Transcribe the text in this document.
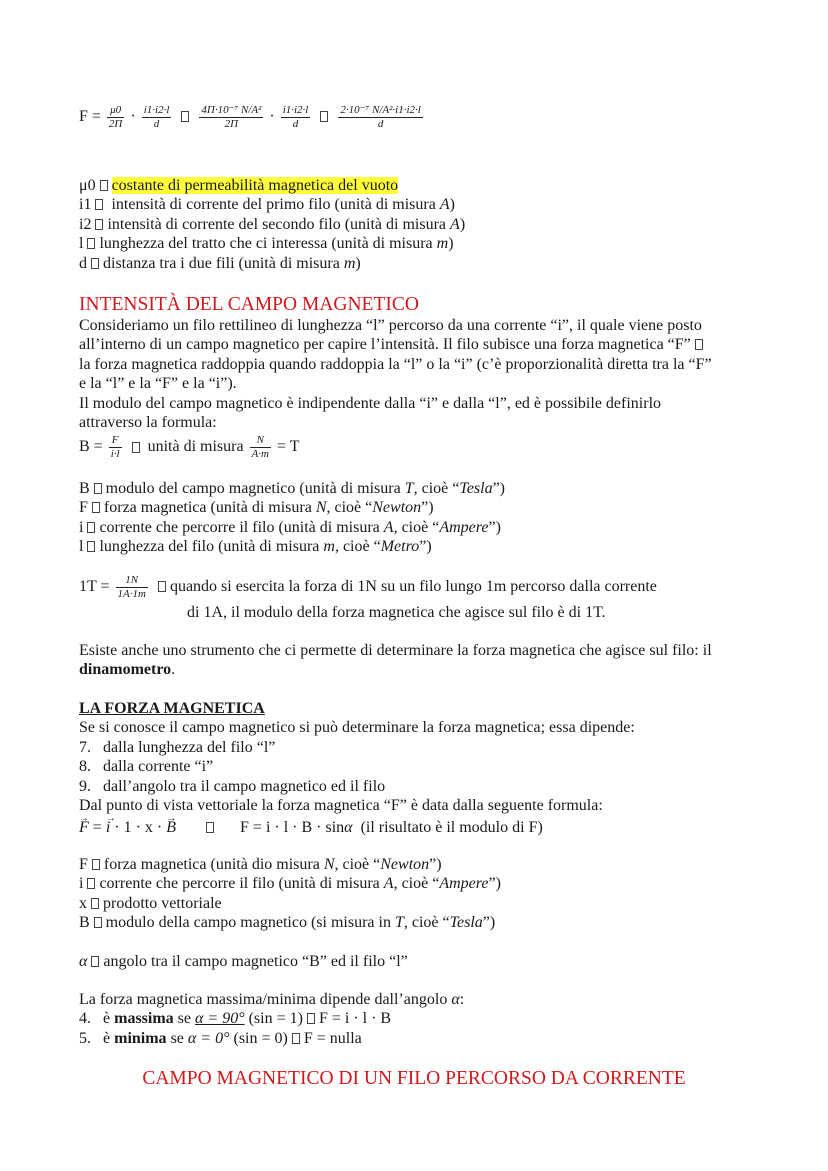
$F = \frac{\mu 0}{2\Pi} \cdot \frac{i1\cdot i2\cdot l}{d}$
	$\frac{\text{4Π·10⁻⁷ N/A²}}{2\Pi} \cdot \frac{i1\cdot i2\cdot l}{d}$
	$\frac{\text{2·10⁻⁷ N/A²·i1·i2·l}}{d}$
μ0 costante di permeabilità magnetica del vuoto
i1 intensità di corrente del primo filo (unità di misura A)
i2 intensità di corrente del secondo filo (unità di misura A)
l lunghezza del tratto che ci interessa (unità di misura m)
d distanza tra i due fili (unità di misura m)
INTENSITÀ DEL CAMPO MAGNETICO
Consideriamo un filo rettilineo di lunghezza “l” percorso da una corrente “i”, il quale viene posto
all’interno di un campo magnetico per capire l’intensità. Il filo subisce una forza magnetica “F”
la forza magnetica raddoppia quando raddoppia la “l” o la “i” (c’è proporzionalità diretta tra la “F”
e la “l” e la “F” e la “i”).
Il modulo del campo magnetico è indipendente dalla “i” e dalla “l”, ed è possibile definirlo
attraverso la formula:
$B = \frac{F}{i\cdot l}$ unità di misura $\frac{N}{A\cdot m} = T$
B modulo del campo magnetico (unità di misura T, cioè “Tesla”)
F forza magnetica (unità di misura N, cioè “Newton”)
i corrente che percorre il filo (unità di misura A, cioè “Ampere”)
l lunghezza del filo (unità di misura m, cioè “Metro”)
$1T = \frac{1N}{1A\cdot 1m}$ quando si esercita la forza di 1N su un filo lungo 1m percorso dalla corrente
di 1A, il modulo della forza magnetica che agisce sul filo è di 1T.
Esiste anche uno strumento che ci permette di determinare la forza magnetica che agisce sul filo: il
dinamometro.
LA FORZA MAGNETICA
Se si conosce il campo magnetico si può determinare la forza magnetica; essa dipende:
7. dalla lunghezza del filo “l”
8. dalla corrente “i”
9. dall’angolo tra il campo magnetico ed il filo
Dal punto di vista vettoriale la forza magnetica “F” è data dalla seguente formula:
→ F = → i · 1 · x · → B	F = i · l · B · sinα (il risultato è il modulo di F)
F forza magnetica (unità dio misura N, cioè “Newton”)
i corrente che percorre il filo (unità di misura A, cioè “Ampere”)
x prodotto vettoriale
B modulo della campo magnetico (si misura in T, cioè “Tesla”)
α angolo tra il campo magnetico “B” ed il filo “l”
La forza magnetica massima/minima dipende dall’angolo α:
4. è massima se α = 90° (sin = 1) F = i · l · B
5. è minima se α = 0° (sin = 0) F = nulla
CAMPO MAGNETICO DI UN FILO PERCORSO DA CORRENTE
